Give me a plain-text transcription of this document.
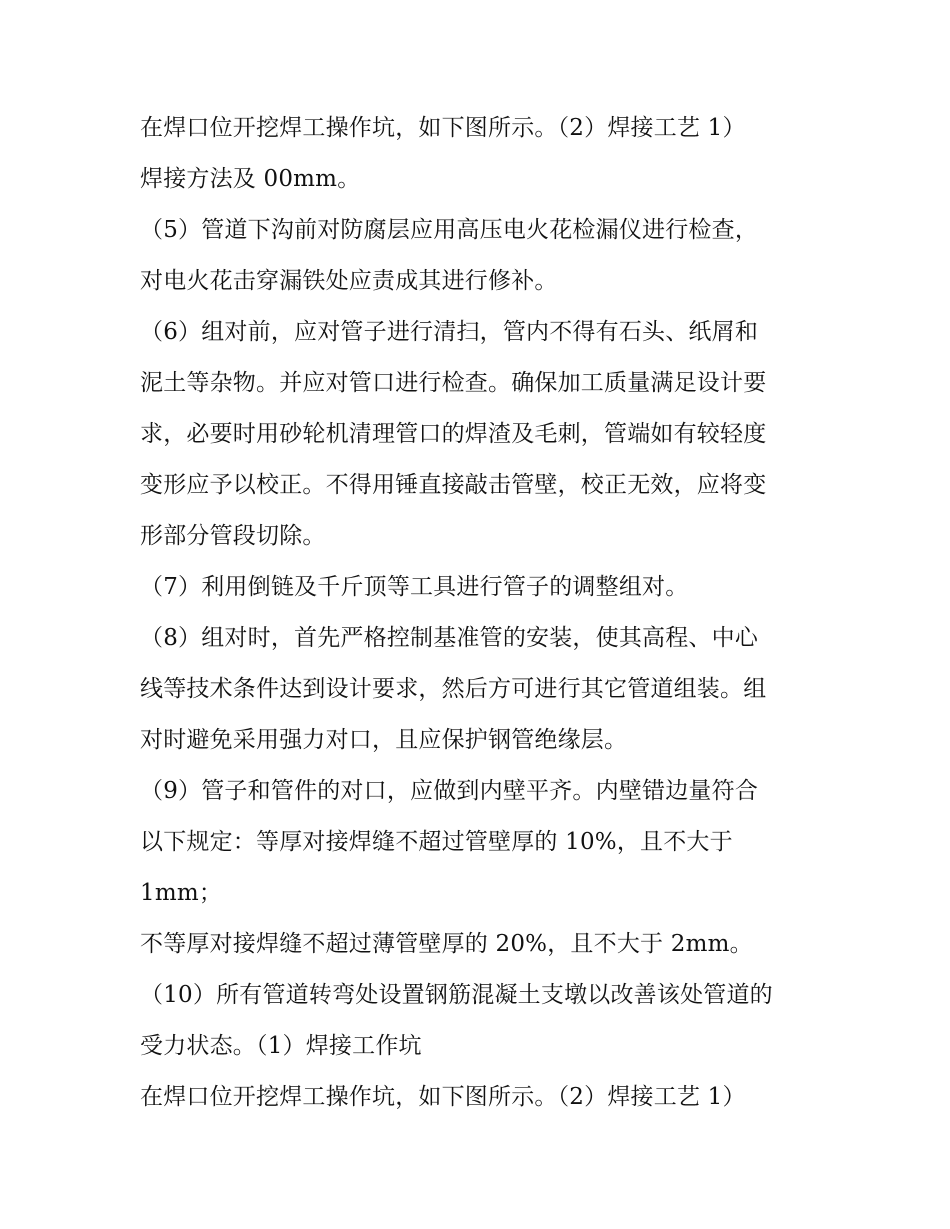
在焊口位开挖焊工操作坑，如下图所示。（2）焊接工艺 1）
焊接方法及 00mm。
（5）管道下沟前对防腐层应用高压电火花检漏仪进行检查，
对电火花击穿漏铁处应责成其进行修补。
（6）组对前，应对管子进行清扫，管内不得有石头、纸屑和
泥土等杂物。并应对管口进行检查。确保加工质量满足设计要
求，必要时用砂轮机清理管口的焊渣及毛刺，管端如有较轻度
变形应予以校正。不得用锤直接敲击管壁，校正无效，应将变
形部分管段切除。
（7）利用倒链及千斤顶等工具进行管子的调整组对。
（8）组对时，首先严格控制基准管的安装，使其高程、中心
线等技术条件达到设计要求，然后方可进行其它管道组装。组
对时避免采用强力对口，且应保护钢管绝缘层。
（9）管子和管件的对口，应做到内壁平齐。内壁错边量符合
以下规定：等厚对接焊缝不超过管壁厚的 10%，且不大于
1mm；
不等厚对接焊缝不超过薄管壁厚的 20%，且不大于 2mm。
（10）所有管道转弯处设置钢筋混凝土支墩以改善该处管道的
受力状态。（1）焊接工作坑
在焊口位开挖焊工操作坑，如下图所示。（2）焊接工艺 1）
